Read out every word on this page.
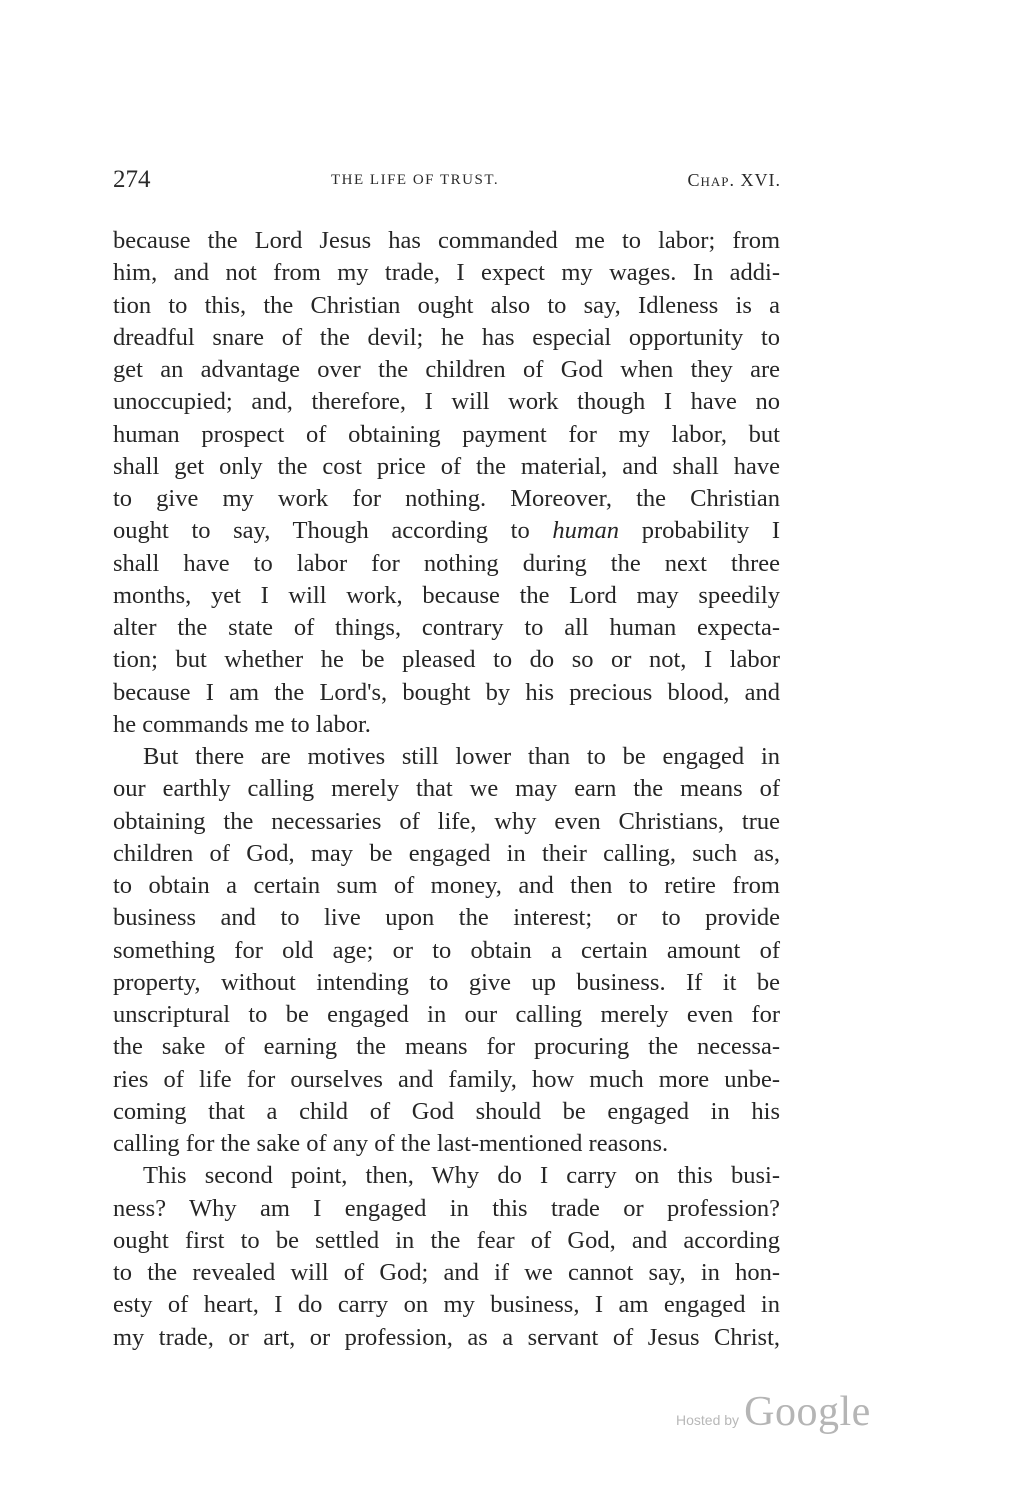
274	THE LIFE OF TRUST.	Chap. XVI.
because the Lord Jesus has commanded me to labor; from
him, and not from my trade, I expect my wages. In addi-
tion to this, the Christian ought also to say, Idleness is a
dreadful snare of the devil; he has especial opportunity to
get an advantage over the children of God when they are
unoccupied; and, therefore, I will work though I have no
human prospect of obtaining payment for my labor, but
shall get only the cost price of the material, and shall have
to give my work for nothing. Moreover, the Christian
ought to say, Though according to human probability I
shall have to labor for nothing during the next three
months, yet I will work, because the Lord may speedily
alter the state of things, contrary to all human expecta-
tion; but whether he be pleased to do so or not, I labor
because I am the Lord's, bought by his precious blood, and
he commands me to labor.
But there are motives still lower than to be engaged in
our earthly calling merely that we may earn the means of
obtaining the necessaries of life, why even Christians, true
children of God, may be engaged in their calling, such as,
to obtain a certain sum of money, and then to retire from
business and to live upon the interest; or to provide
something for old age; or to obtain a certain amount of
property, without intending to give up business. If it be
unscriptural to be engaged in our calling merely even for
the sake of earning the means for procuring the necessa-
ries of life for ourselves and family, how much more unbe-
coming that a child of God should be engaged in his
calling for the sake of any of the last-mentioned reasons.
This second point, then, Why do I carry on this busi-
ness? Why am I engaged in this trade or profession?
ought first to be settled in the fear of God, and according
to the revealed will of God; and if we cannot say, in hon-
esty of heart, I do carry on my business, I am engaged in
my trade, or art, or profession, as a servant of Jesus Christ,
Hosted by Google
